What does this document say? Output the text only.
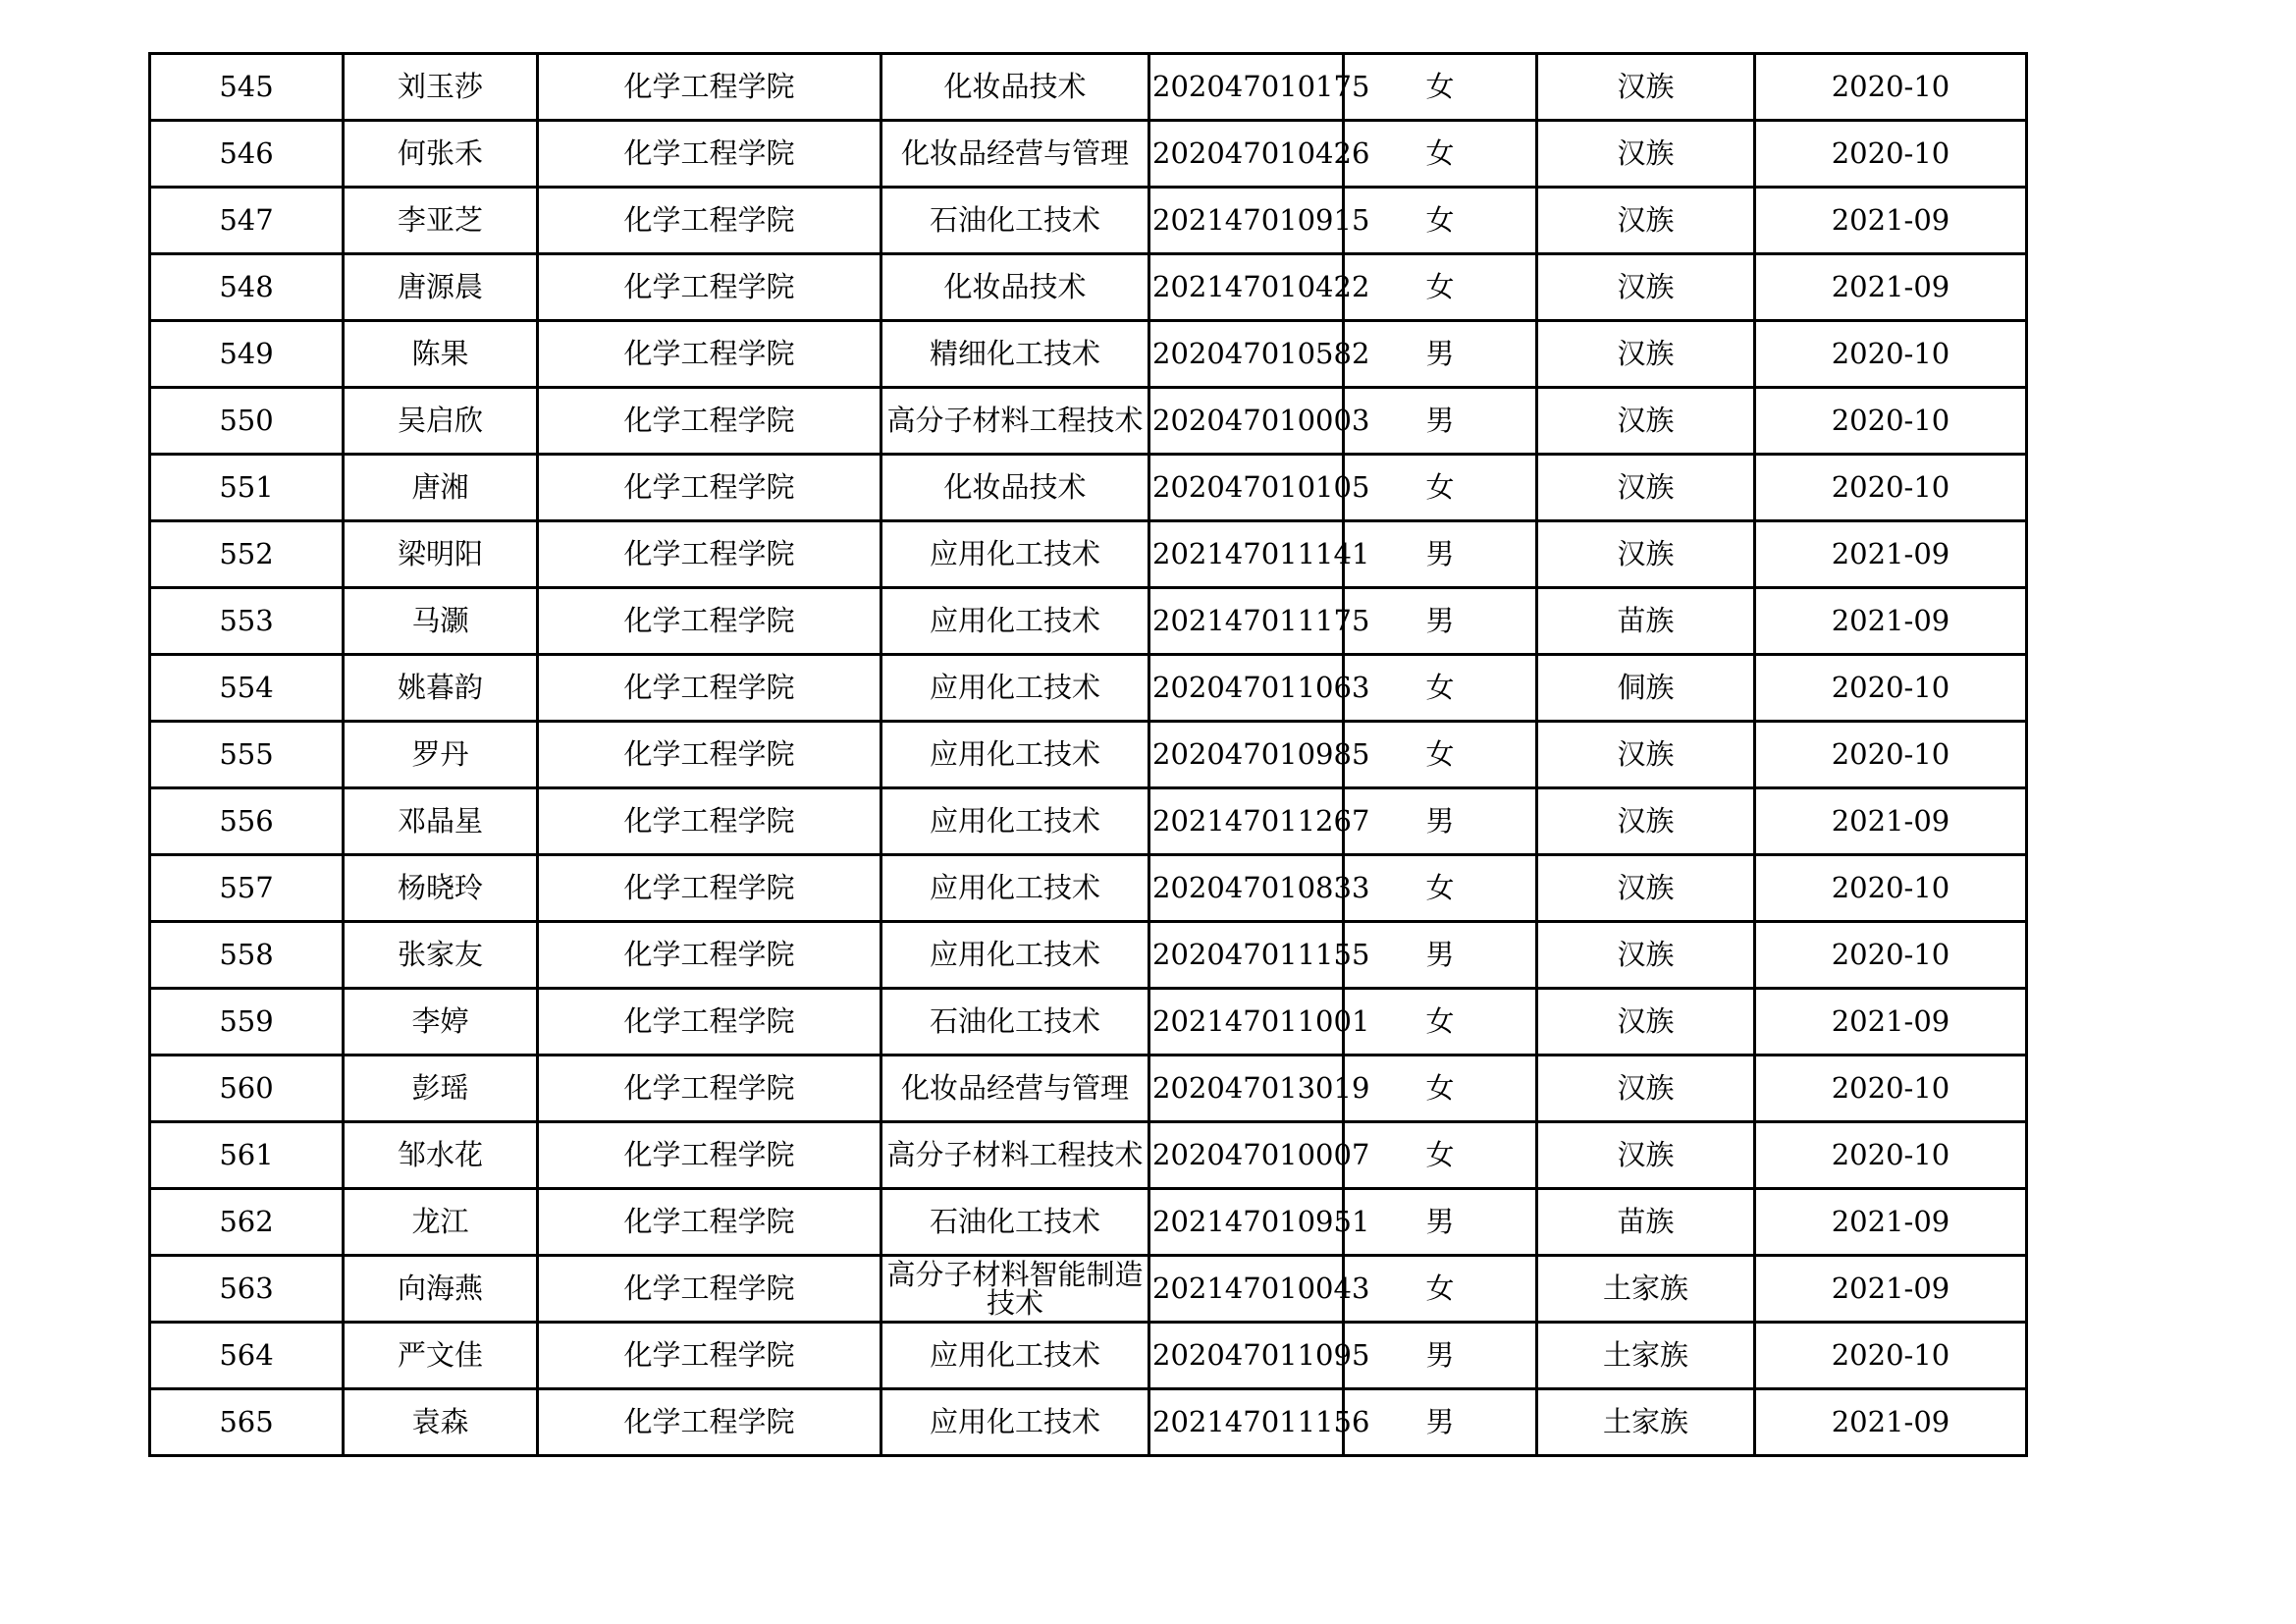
545	刘玉莎	化学工程学院	化妆品技术	202047010175	女	汉族	2020-10
546	何张禾	化学工程学院	化妆品经营与管理	202047010426	女	汉族	2020-10
547	李亚芝	化学工程学院	石油化工技术	202147010915	女	汉族	2021-09
548	唐源晨	化学工程学院	化妆品技术	202147010422	女	汉族	2021-09
549	陈果	化学工程学院	精细化工技术	202047010582	男	汉族	2020-10
550	吴启欣	化学工程学院	高分子材料工程技术	202047010003	男	汉族	2020-10
551	唐湘	化学工程学院	化妆品技术	202047010105	女	汉族	2020-10
552	梁明阳	化学工程学院	应用化工技术	202147011141	男	汉族	2021-09
553	马灏	化学工程学院	应用化工技术	202147011175	男	苗族	2021-09
554	姚暮韵	化学工程学院	应用化工技术	202047011063	女	侗族	2020-10
555	罗丹	化学工程学院	应用化工技术	202047010985	女	汉族	2020-10
556	邓晶星	化学工程学院	应用化工技术	202147011267	男	汉族	2021-09
557	杨晓玲	化学工程学院	应用化工技术	202047010833	女	汉族	2020-10
558	张家友	化学工程学院	应用化工技术	202047011155	男	汉族	2020-10
559	李婷	化学工程学院	石油化工技术	202147011001	女	汉族	2021-09
560	彭瑶	化学工程学院	化妆品经营与管理	202047013019	女	汉族	2020-10
561	邹水花	化学工程学院	高分子材料工程技术	202047010007	女	汉族	2020-10
562	龙江	化学工程学院	石油化工技术	202147010951	男	苗族	2021-09
563	向海燕	化学工程学院	高分子材料智能制造技术	202147010043	女	土家族	2021-09
564	严文佳	化学工程学院	应用化工技术	202047011095	男	土家族	2020-10
565	袁森	化学工程学院	应用化工技术	202147011156	男	土家族	2021-09
